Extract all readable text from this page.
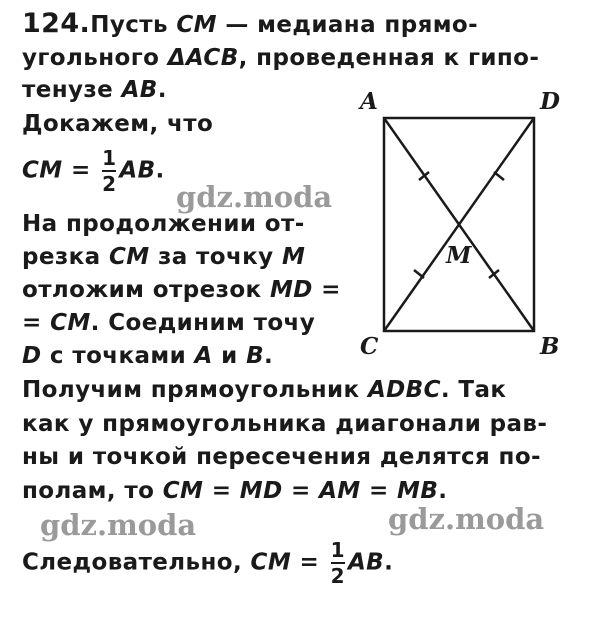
124.Пусть CM — медиана прямо-
угольного ΔACB, проведенная к гипо-
тенузе AB.
Докажем, что
CM = $\frac{1}{2}$ AB.
На продолжении от-
резка CM за точку M
отложим отрезок MD =
= CM. Соединим точу
D с точками A и B.
Получим прямоугольник ADBC. Так
как у прямоугольника диагонали рав-
ны и точкой пересечения делятся по-
полам, то CM = MD = AM = MB.
Следовательно, CM = $\frac{1}{2}$ AB.
A	D
C	B
M
gdz.moda
gdz.moda	gdz.moda
